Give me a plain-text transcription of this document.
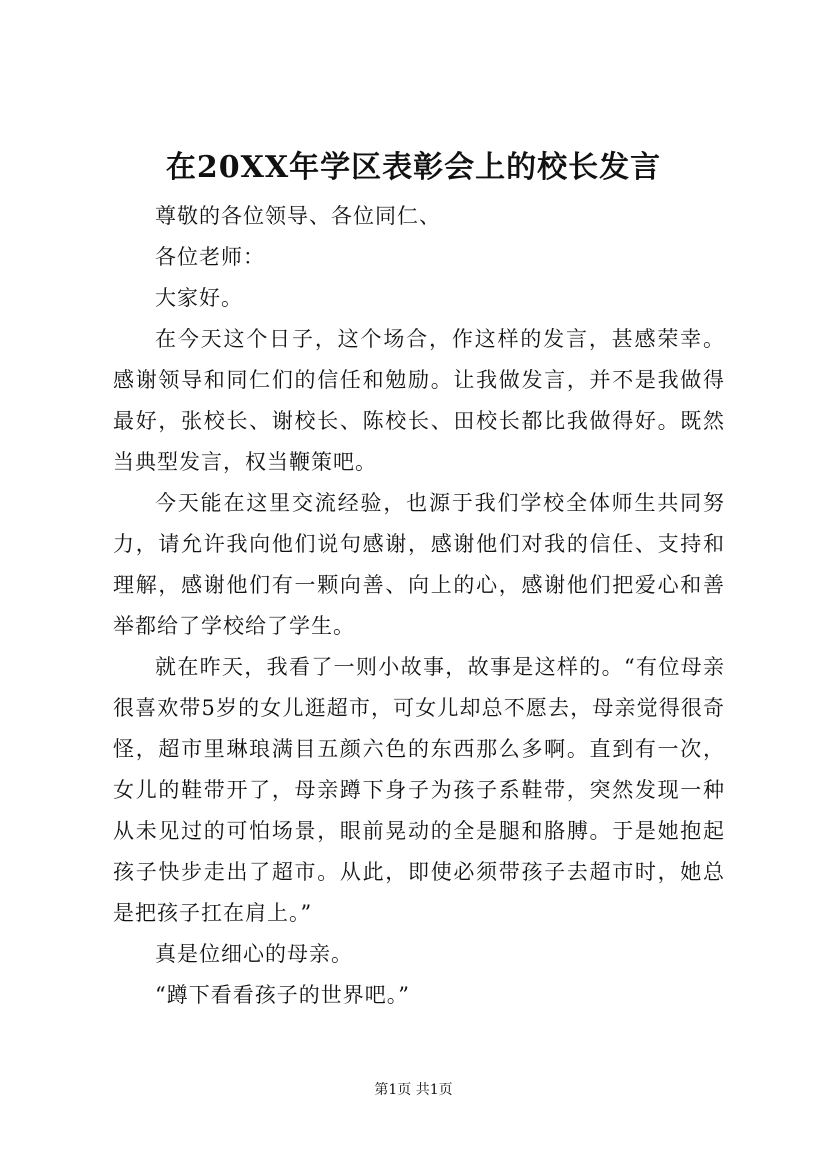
在20XX年学区表彰会上的校长发言

尊敬的各位领导、各位同仁、

各位老师：

大家好。

在今天这个日子，这个场合，作这样的发言，甚感荣幸。感谢领导和同仁们的信任和勉励。让我做发言，并不是我做得最好，张校长、谢校长、陈校长、田校长都比我做得好。既然当典型发言，权当鞭策吧。

今天能在这里交流经验，也源于我们学校全体师生共同努力，请允许我向他们说句感谢，感谢他们对我的信任、支持和理解，感谢他们有一颗向善、向上的心，感谢他们把爱心和善举都给了学校给了学生。

就在昨天，我看了一则小故事，故事是这样的。“有位母亲很喜欢带5岁的女儿逛超市，可女儿却总不愿去，母亲觉得很奇怪，超市里琳琅满目五颜六色的东西那么多啊。直到有一次，女儿的鞋带开了，母亲蹲下身子为孩子系鞋带，突然发现一种从未见过的可怕场景，眼前晃动的全是腿和胳膊。于是她抱起孩子快步走出了超市。从此，即使必须带孩子去超市时，她总是把孩子扛在肩上。”

真是位细心的母亲。

“蹲下看看孩子的世界吧。”

第1页 共1页
